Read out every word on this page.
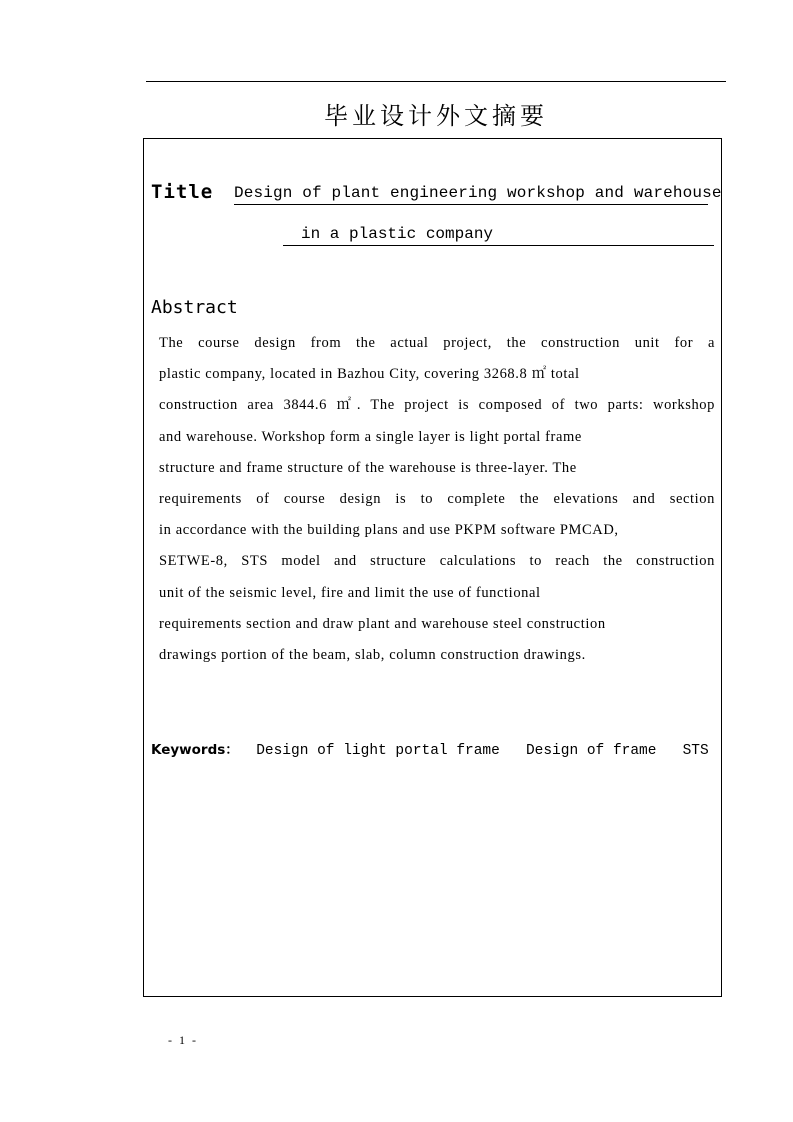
毕业设计外文摘要
Title Design of plant engineering workshop and warehouse
in a plastic company
Abstract
The course design from the actual project, the construction unit for a
plastic company, located in Bazhou City, covering 3268.8 ㎡ total
construction area 3844.6 ㎡. The project is composed of two parts: workshop
and warehouse. Workshop form a single layer is light portal frame
structure and frame structure of the warehouse is three-layer. The
requirements of course design is to complete the elevations and section
in accordance with the building plans and use PKPM software PMCAD,
SETWE-8, STS model and structure calculations to reach the construction
unit of the seismic level, fire and limit the use of functional
requirements section and draw plant and warehouse steel construction
drawings portion of the beam, slab, column construction drawings.
Keywords：  Design of light portal frame   Design of frame   STS
- 1 -
